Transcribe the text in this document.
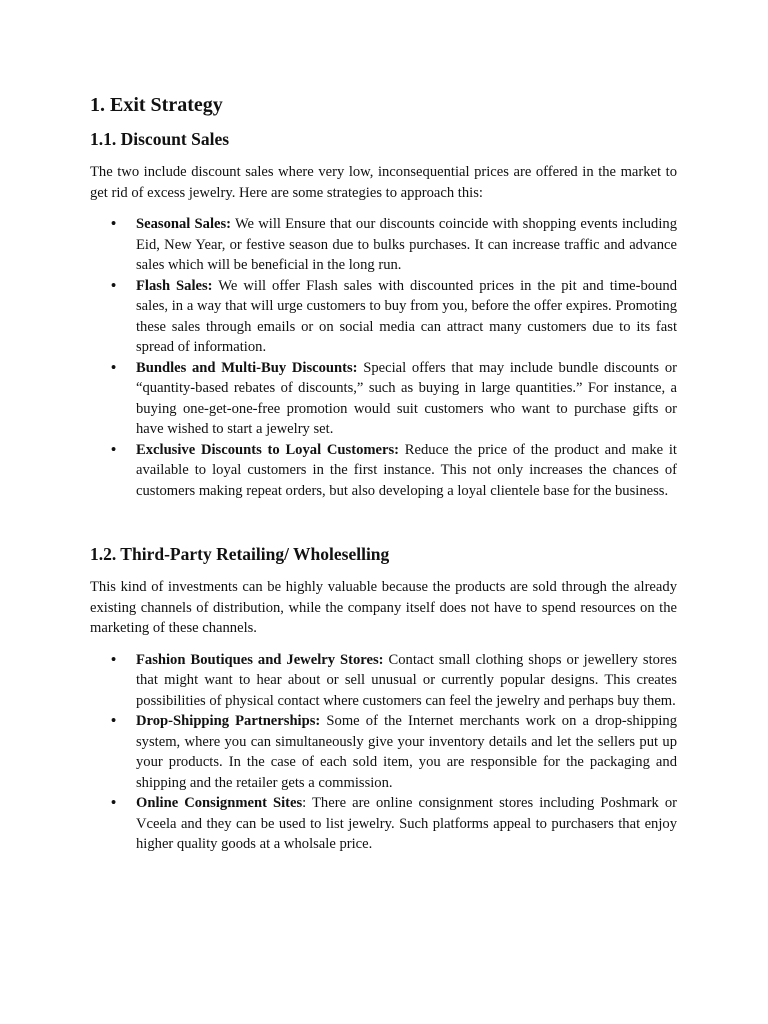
1. Exit Strategy
1.1. Discount Sales

The two include discount sales where very low, inconsequential prices are offered in the market to get rid of excess jewelry. Here are some strategies to approach this:

• Seasonal Sales: We will Ensure that our discounts coincide with shopping events including Eid, New Year, or festive season due to bulks purchases. It can increase traffic and advance sales which will be beneficial in the long run.
• Flash Sales: We will offer Flash sales with discounted prices in the pit and time-bound sales, in a way that will urge customers to buy from you, before the offer expires. Promoting these sales through emails or on social media can attract many customers due to its fast spread of information.
• Bundles and Multi-Buy Discounts: Special offers that may include bundle discounts or “quantity-based rebates of discounts,” such as buying in large quantities.” For instance, a buying one-get-one-free promotion would suit customers who want to purchase gifts or have wished to start a jewelry set.
• Exclusive Discounts to Loyal Customers: Reduce the price of the product and make it available to loyal customers in the first instance. This not only increases the chances of customers making repeat orders, but also developing a loyal clientele base for the business.
1.2. Third-Party Retailing/ Wholeselling

This kind of investments can be highly valuable because the products are sold through the already existing channels of distribution, while the company itself does not have to spend resources on the marketing of these channels.

• Fashion Boutiques and Jewelry Stores: Contact small clothing shops or jewellery stores that might want to hear about or sell unusual or currently popular designs. This creates possibilities of physical contact where customers can feel the jewelry and perhaps buy them.
• Drop-Shipping Partnerships: Some of the Internet merchants work on a drop-shipping system, where you can simultaneously give your inventory details and let the sellers put up your products. In the case of each sold item, you are responsible for the packaging and shipping and the retailer gets a commission.
• Online Consignment Sites: There are online consignment stores including Poshmark or Vceela and they can be used to list jewelry. Such platforms appeal to purchasers that enjoy higher quality goods at a wholsale price.
